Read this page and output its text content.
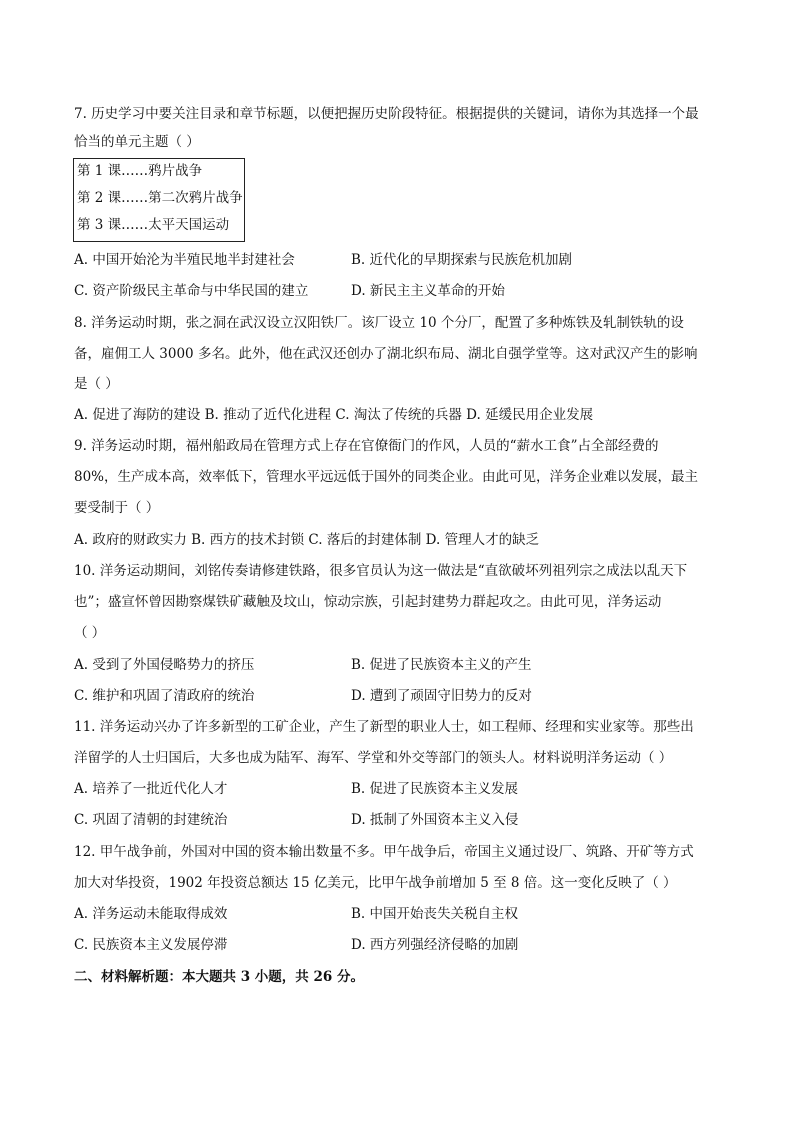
7. 历史学习中要关注目录和章节标题，以便把握历史阶段特征。根据提供的关键词，请你为其选择一个最
恰当的单元主题（ ）
第 1 课……鸦片战争
第 2 课……第二次鸦片战争
第 3 课……太平天国运动
A. 中国开始沦为半殖民地半封建社会	B. 近代化的早期探索与民族危机加剧
C. 资产阶级民主革命与中华民国的建立	D. 新民主主义革命的开始
8. 洋务运动时期，张之洞在武汉设立汉阳铁厂。该厂设立 10 个分厂，配置了多种炼铁及轧制铁轨的设
备，雇佣工人 3000 多名。此外，他在武汉还创办了湖北织布局、湖北自强学堂等。这对武汉产生的影响
是（ ）
A. 促进了海防的建设 B. 推动了近代化进程 C. 淘汰了传统的兵器 D. 延缓民用企业发展
9. 洋务运动时期，福州船政局在管理方式上存在官僚衙门的作风，人员的“薪水工食”占全部经费的
80%，生产成本高，效率低下，管理水平远远低于国外的同类企业。由此可见，洋务企业难以发展，最主
要受制于（ ）
A. 政府的财政实力 B. 西方的技术封锁 C. 落后的封建体制 D. 管理人才的缺乏
10. 洋务运动期间，刘铭传奏请修建铁路，很多官员认为这一做法是“直欲破坏列祖列宗之成法以乱天下
也”；盛宣怀曾因勘察煤铁矿藏触及坟山，惊动宗族，引起封建势力群起攻之。由此可见，洋务运动
（ ）
A. 受到了外国侵略势力的挤压	B. 促进了民族资本主义的产生
C. 维护和巩固了清政府的统治	D. 遭到了顽固守旧势力的反对
11. 洋务运动兴办了许多新型的工矿企业，产生了新型的职业人士，如工程师、经理和实业家等。那些出
洋留学的人士归国后，大多也成为陆军、海军、学堂和外交等部门的领头人。材料说明洋务运动（ ）
A. 培养了一批近代化人才	B. 促进了民族资本主义发展
C. 巩固了清朝的封建统治	D. 抵制了外国资本主义入侵
12. 甲午战争前，外国对中国的资本输出数量不多。甲午战争后，帝国主义通过设厂、筑路、开矿等方式
加大对华投资，1902 年投资总额达 15 亿美元，比甲午战争前增加 5 至 8 倍。这一变化反映了（ ）
A. 洋务运动未能取得成效	B. 中国开始丧失关税自主权
C. 民族资本主义发展停滞	D. 西方列强经济侵略的加剧
二、材料解析题：本大题共 3 小题，共 26 分。
